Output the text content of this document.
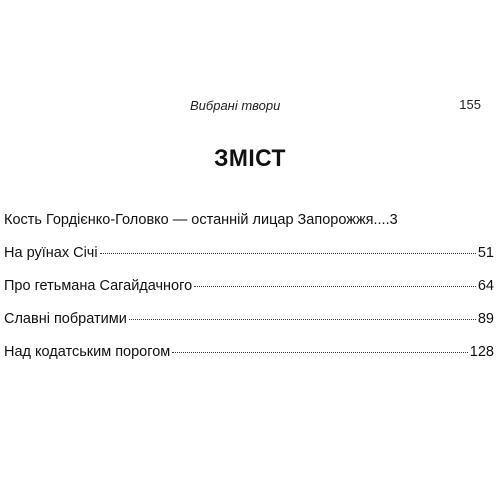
Вибрані твори	155
ЗМІСТ
Кость Гордієнко-Головко — останній лицар Запорожжя.... 3
На руїнах Січі	51
Про гетьмана Сагайдачного	64
Славні побратими	89
Над кодатським порогом	128
